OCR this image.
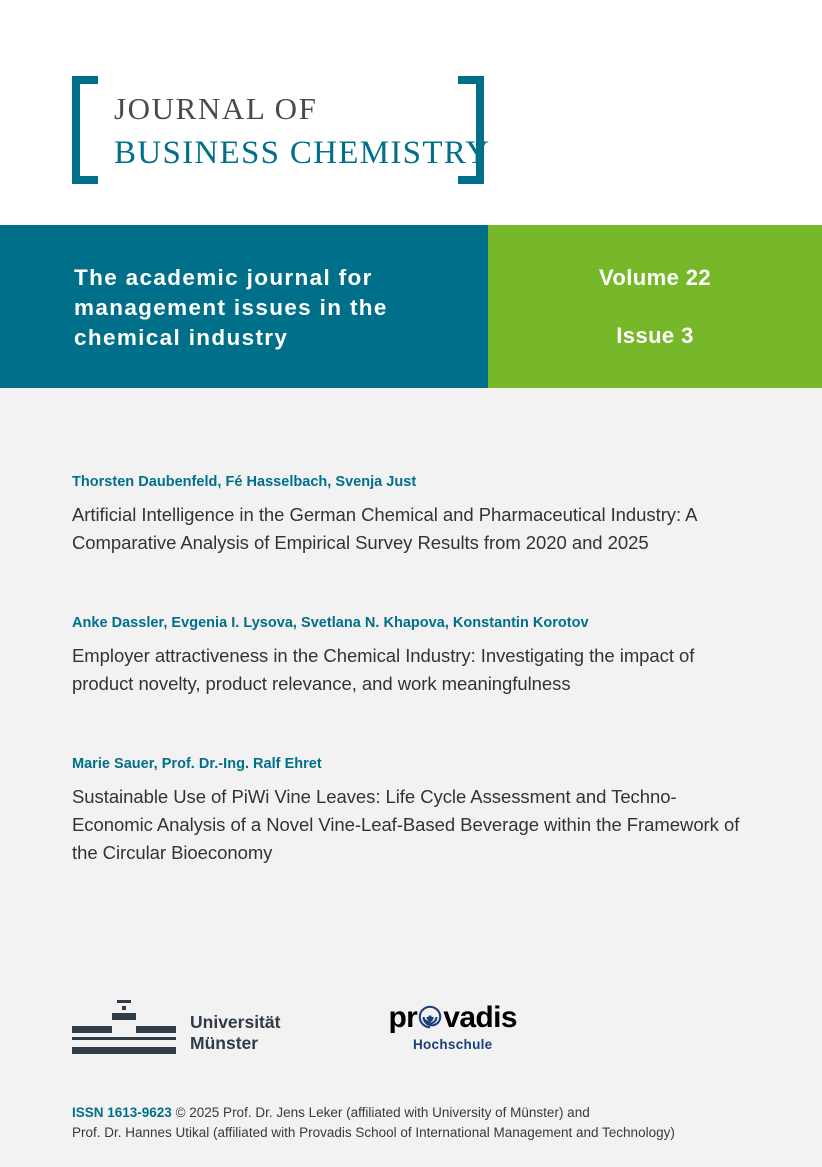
JOURNAL OF
BUSINESS CHEMISTRY
The academic journal for management issues in the chemical industry
Volume 22
Issue 3
Thorsten Daubenfeld, Fé Hasselbach, Svenja Just
Artificial Intelligence in the German Chemical and Pharmaceutical Industry: A Comparative Analysis of Empirical Survey Results from 2020 and 2025
Anke Dassler, Evgenia I. Lysova, Svetlana N. Khapova, Konstantin Korotov
Employer attractiveness in the Chemical Industry: Investigating the impact of product novelty, product relevance, and work meaningfulness
Marie Sauer, Prof. Dr.-Ing. Ralf Ehret
Sustainable Use of PiWi Vine Leaves: Life Cycle Assessment and Techno-Economic Analysis of a Novel Vine-Leaf-Based Beverage within the Framework of the Circular Bioeconomy
Universität
Münster
pr vadis
Hochschule
ISSN 1613-9623 © 2025 Prof. Dr. Jens Leker (affiliated with University of Münster) and
Prof. Dr. Hannes Utikal (affiliated with Provadis School of International Management and Technology)
